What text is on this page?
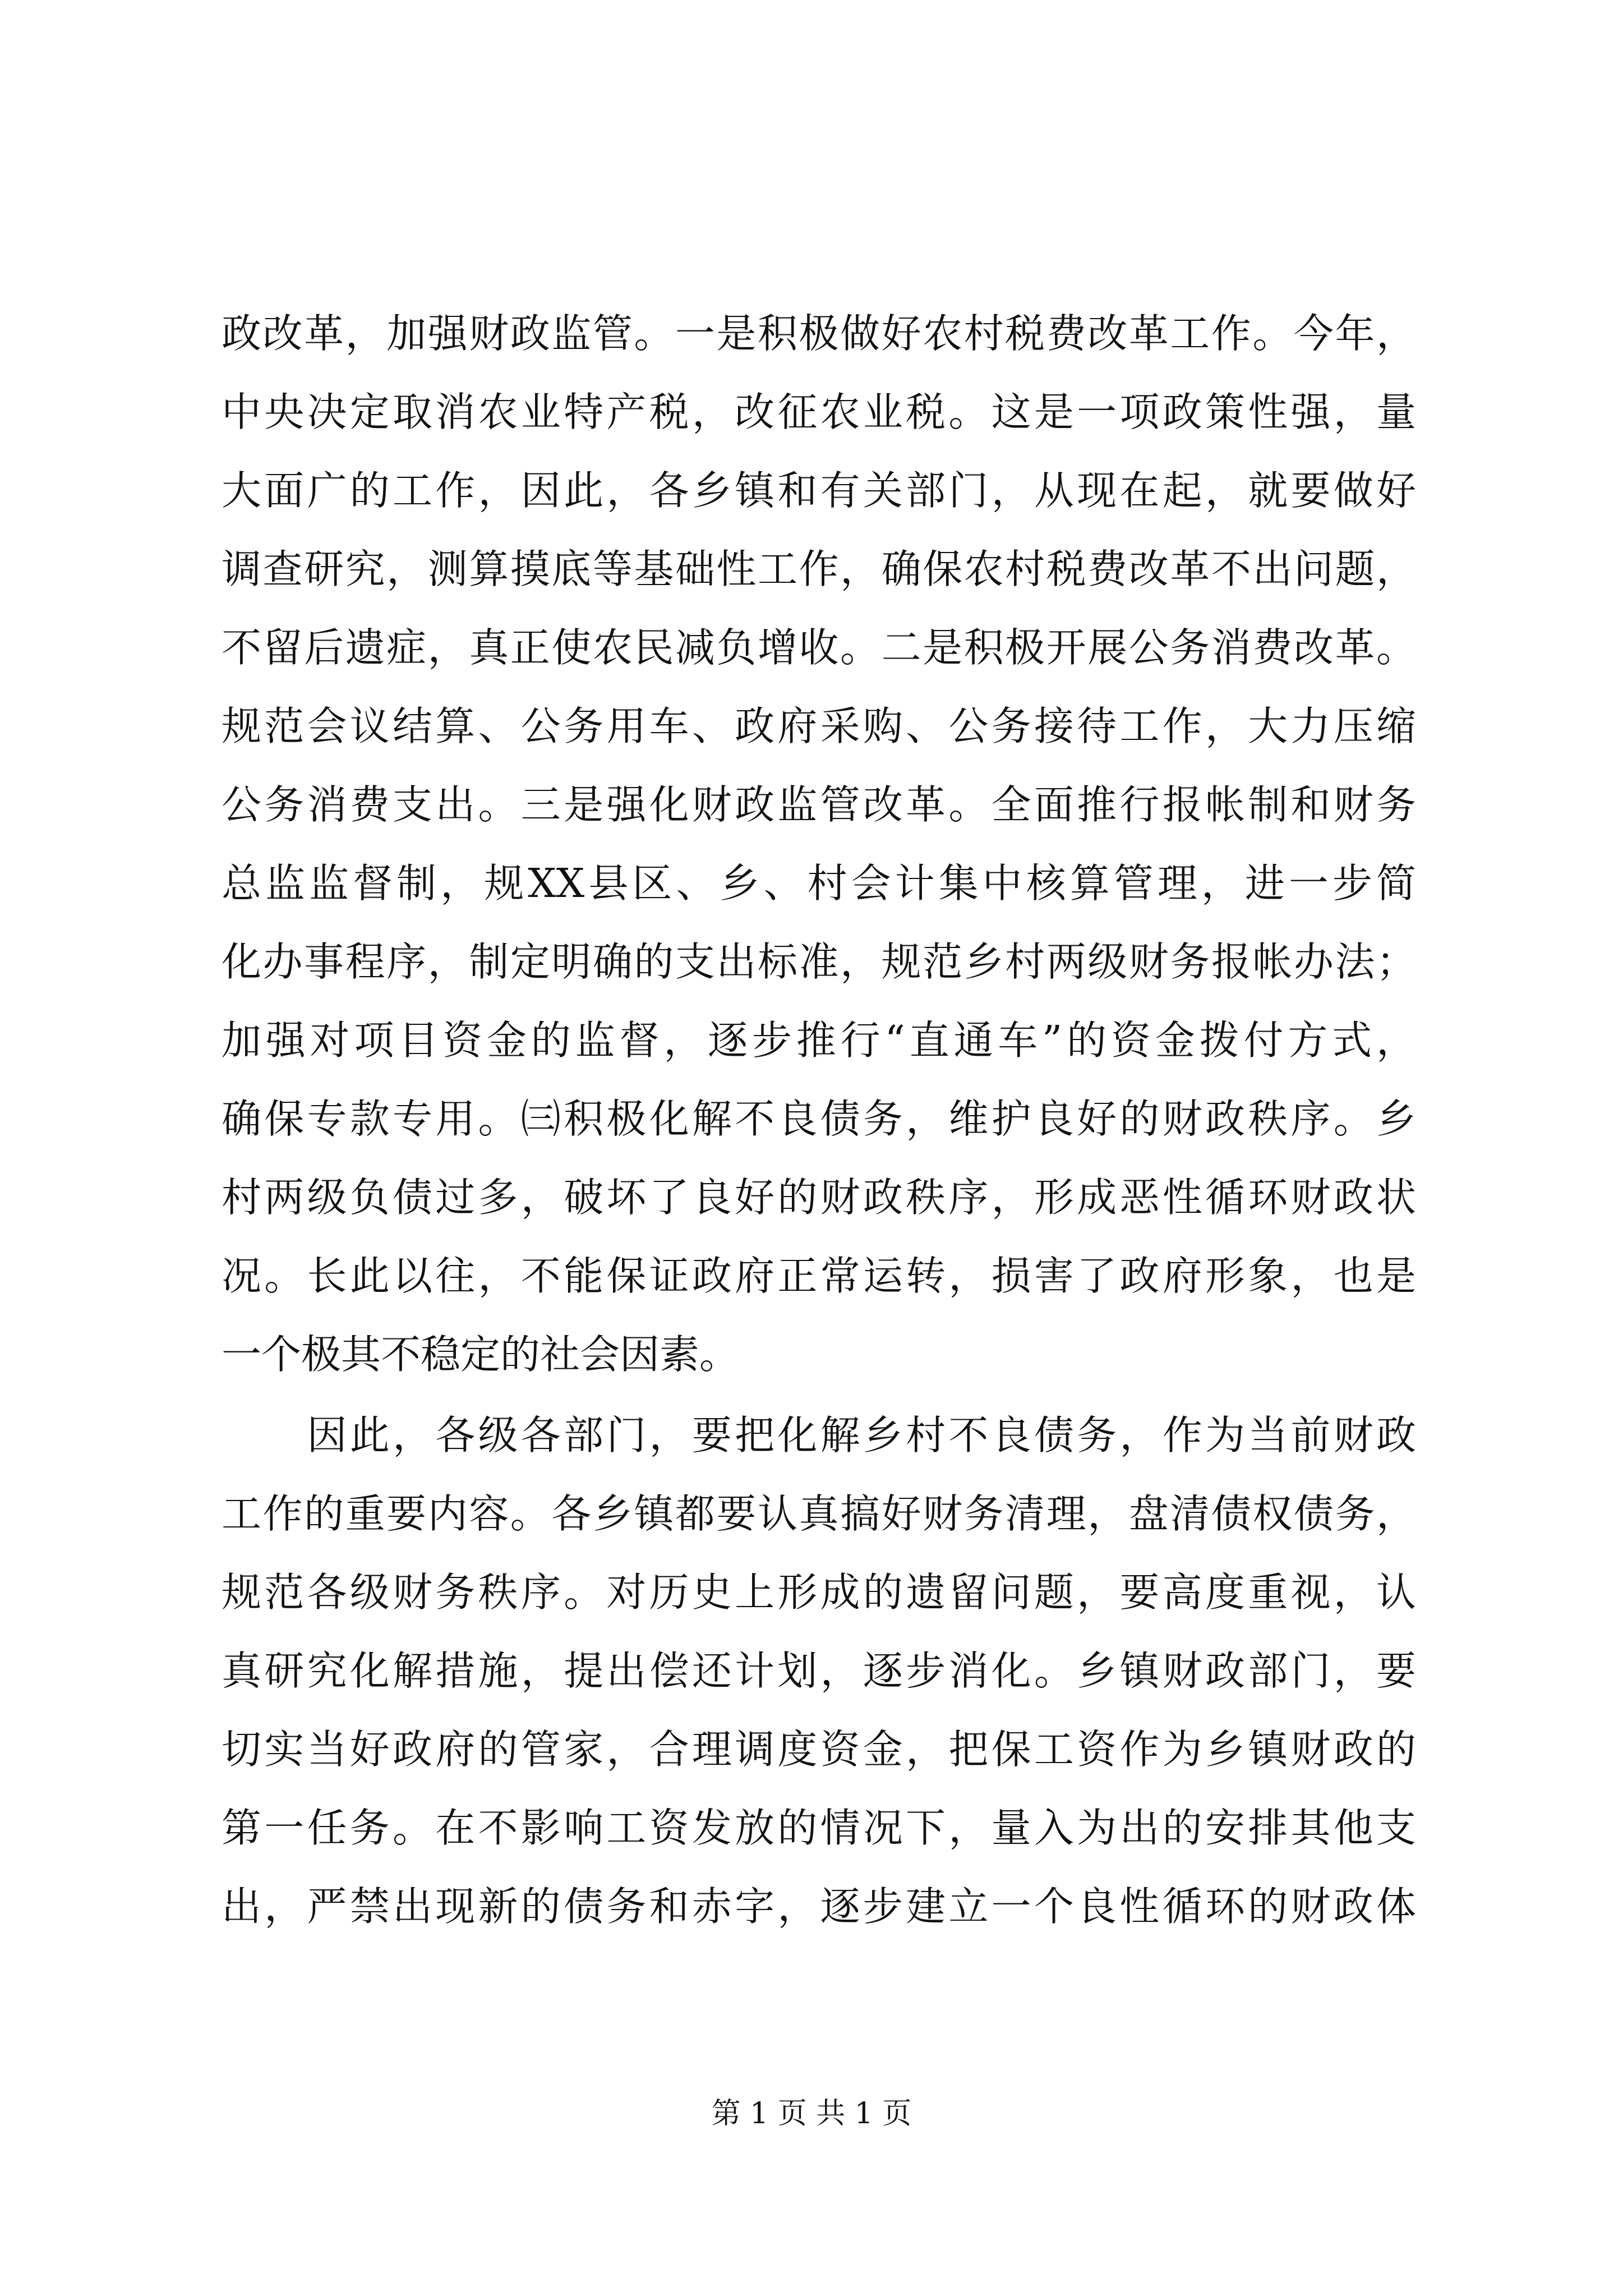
政改革，加强财政监管。一是积极做好农村税费改革工作。今年，
中央决定取消农业特产税，改征农业税。这是一项政策性强，量
大面广的工作，因此，各乡镇和有关部门，从现在起，就要做好
调查研究，测算摸底等基础性工作，确保农村税费改革不出问题，
不留后遗症，真正使农民减负增收。二是积极开展公务消费改革。
规范会议结算、公务用车、政府采购、公务接待工作，大力压缩
公务消费支出。三是强化财政监管改革。全面推行报帐制和财务
总监监督制，规XX县区、乡、村会计集中核算管理，进一步简
化办事程序，制定明确的支出标准，规范乡村两级财务报帐办法；
加强对项目资金的监督，逐步推行“直通车”的资金拨付方式，
确保专款专用。㈢积极化解不良债务，维护良好的财政秩序。乡
村两级负债过多，破坏了良好的财政秩序，形成恶性循环财政状
况。长此以往，不能保证政府正常运转，损害了政府形象，也是
一个极其不稳定的社会因素。
　　因此，各级各部门，要把化解乡村不良债务，作为当前财政
工作的重要内容。各乡镇都要认真搞好财务清理，盘清债权债务，
规范各级财务秩序。对历史上形成的遗留问题，要高度重视，认
真研究化解措施，提出偿还计划，逐步消化。乡镇财政部门，要
切实当好政府的管家，合理调度资金，把保工资作为乡镇财政的
第一任务。在不影响工资发放的情况下，量入为出的安排其他支
出，严禁出现新的债务和赤字，逐步建立一个良性循环的财政体
第 1 页 共 1 页
